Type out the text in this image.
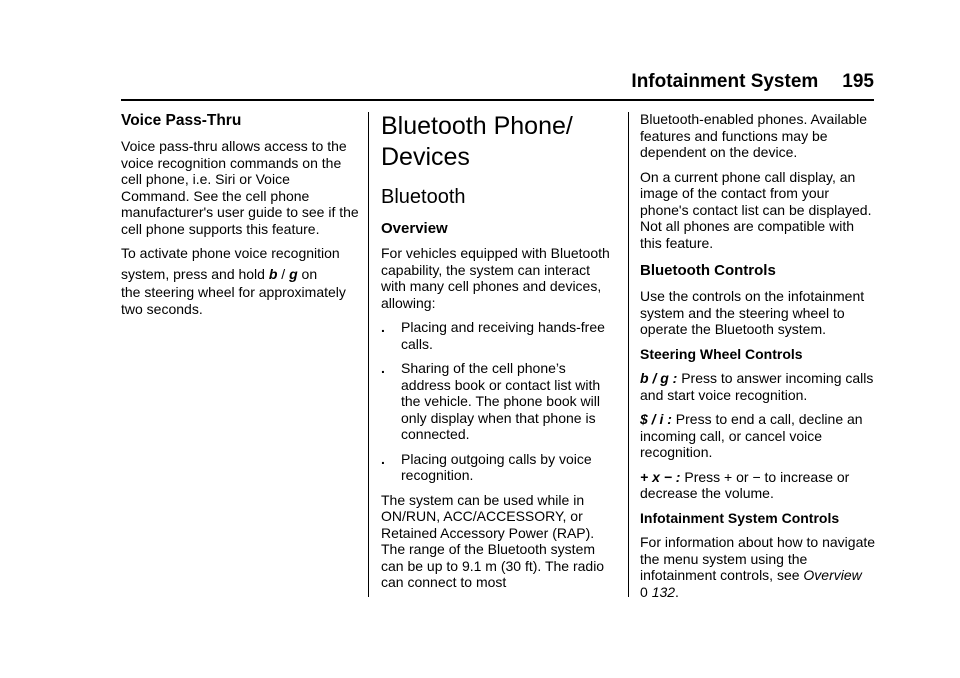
Infotainment System 195
Voice Pass-Thru

Voice pass-thru allows access to the voice recognition commands on the cell phone, i.e. Siri or Voice Command. See the cell phone manufacturer's user guide to see if the cell phone supports this feature.

To activate phone voice recognition

system, press and hold b / g on

the steering wheel for approximately two seconds.

Bluetooth Phone/
Devices
Bluetooth
Overview

For vehicles equipped with Bluetooth capability, the system can interact with many cell phones and devices, allowing:

.	Placing and receiving hands-free calls.
.	Sharing of the cell phone’s address book or contact list with the vehicle. The phone book will only display when that phone is connected.
.	Placing outgoing calls by voice recognition.

The system can be used while in ON/RUN, ACC/ACCESSORY, or Retained Accessory Power (RAP). The range of the Bluetooth system can be up to 9.1 m (30 ft). The radio can connect to most

Bluetooth-enabled phones. Available features and functions may be dependent on the device.

On a current phone call display, an image of the contact from your phone's contact list can be displayed. Not all phones are compatible with this feature.

Bluetooth Controls

Use the controls on the infotainment system and the steering wheel to operate the Bluetooth system.

Steering Wheel Controls

b / g : Press to answer incoming calls and start voice recognition.

$ / i : Press to end a call, decline an incoming call, or cancel voice recognition.

+ x − : Press + or − to increase or decrease the volume.

Infotainment System Controls

For information about how to navigate the menu system using the infotainment controls, see Overview
0 132.
